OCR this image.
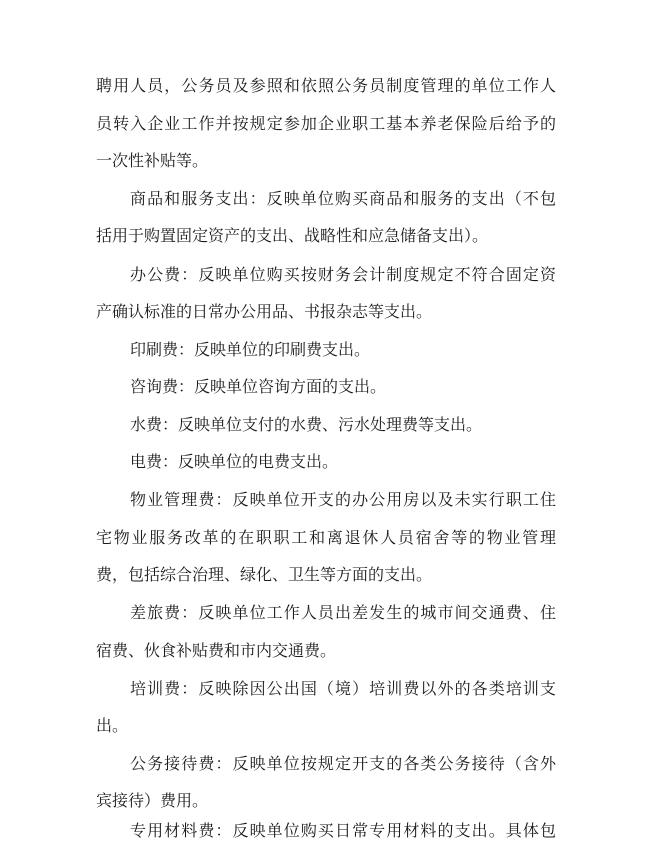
聘用人员，公务员及参照和依照公务员制度管理的单位工作人
员转入企业工作并按规定参加企业职工基本养老保险后给予的
一次性补贴等。
商品和服务支出：反映单位购买商品和服务的支出（不包
括用于购置固定资产的支出、战略性和应急储备支出）。
办公费：反映单位购买按财务会计制度规定不符合固定资
产确认标准的日常办公用品、书报杂志等支出。
印刷费：反映单位的印刷费支出。
咨询费：反映单位咨询方面的支出。
水费：反映单位支付的水费、污水处理费等支出。
电费：反映单位的电费支出。
物业管理费：反映单位开支的办公用房以及未实行职工住
宅物业服务改革的在职职工和离退休人员宿舍等的物业管理
费，包括综合治理、绿化、卫生等方面的支出。
差旅费：反映单位工作人员出差发生的城市间交通费、住
宿费、伙食补贴费和市内交通费。
培训费：反映除因公出国（境）培训费以外的各类培训支
出。
公务接待费：反映单位按规定开支的各类公务接待（含外
宾接待）费用。
专用材料费：反映单位购买日常专用材料的支出。具体包
